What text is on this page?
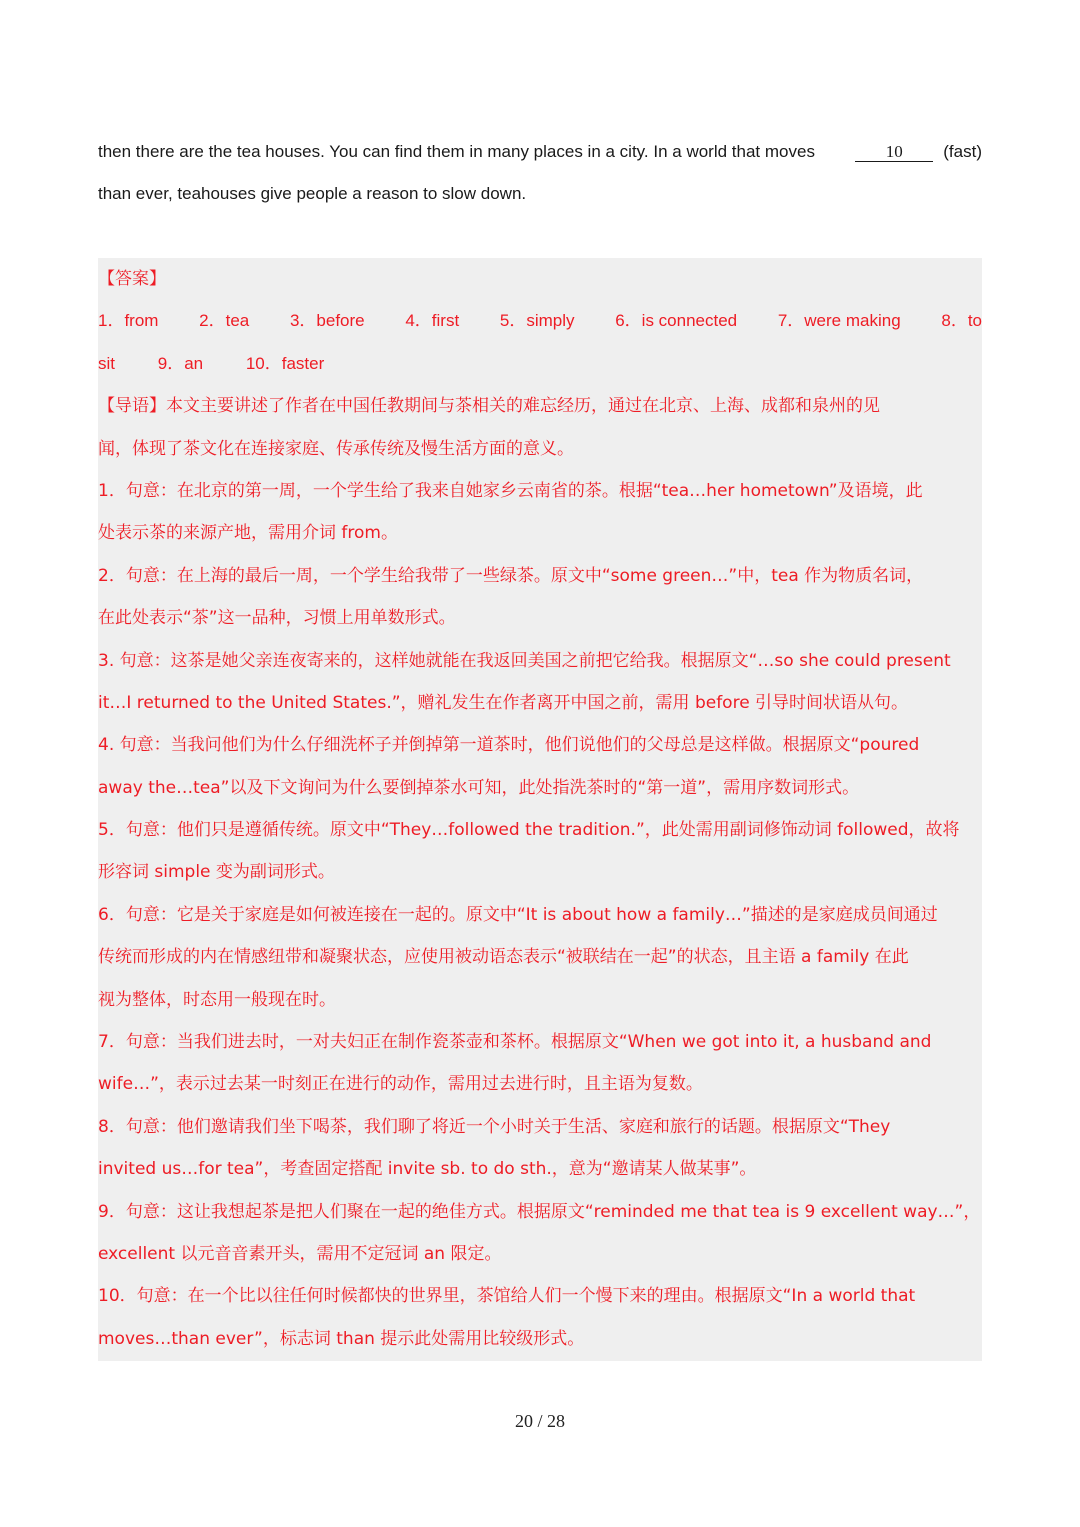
then there are the tea houses. You can find them in many places in a city. In a world that moves	10	(fast)
than ever, teahouses give people a reason to slow down.
【答案】
1．from 2．tea 3．before 4．first 5．simply 6．is connected 7．were making 8．to
sit	9．an	10．faster
【导语】本文主要讲述了作者在中国任教期间与茶相关的难忘经历，通过在北京、上海、成都和泉州的见
闻，体现了茶文化在连接家庭、传承传统及慢生活方面的意义。
1．句意：在北京的第一周，一个学生给了我来自她家乡云南省的茶。根据“tea…her hometown”及语境，此
处表示茶的来源产地，需用介词 from。
2．句意：在上海的最后一周，一个学生给我带了一些绿茶。原文中“some green…”中，tea 作为物质名词，
在此处表示“茶”这一品种，习惯上用单数形式。
3. 句意：这茶是她父亲连夜寄来的，这样她就能在我返回美国之前把它给我。根据原文“…so she could present
it…I returned to the United States.”，赠礼发生在作者离开中国之前，需用 before 引导时间状语从句。
4. 句意：当我问他们为什么仔细洗杯子并倒掉第一道茶时，他们说他们的父母总是这样做。根据原文“poured
away the…tea”以及下文询问为什么要倒掉茶水可知，此处指洗茶时的“第一道”，需用序数词形式。
5．句意：他们只是遵循传统。原文中“They…followed the tradition.”，此处需用副词修饰动词 followed，故将
形容词 simple 变为副词形式。
6．句意：它是关于家庭是如何被连接在一起的。原文中“It is about how a family…”描述的是家庭成员间通过
传统而形成的内在情感纽带和凝聚状态，应使用被动语态表示“被联结在一起”的状态，且主语 a family 在此
视为整体，时态用一般现在时。
7．句意：当我们进去时，一对夫妇正在制作瓷茶壶和茶杯。根据原文“When we got into it, a husband and
wife…”，表示过去某一时刻正在进行的动作，需用过去进行时，且主语为复数。
8．句意：他们邀请我们坐下喝茶，我们聊了将近一个小时关于生活、家庭和旅行的话题。根据原文“They
invited us…for tea”，考查固定搭配 invite sb. to do sth.，意为“邀请某人做某事”。
9．句意：这让我想起茶是把人们聚在一起的绝佳方式。根据原文“reminded me that tea is 9 excellent way…”，
excellent 以元音音素开头，需用不定冠词 an 限定。
10．句意：在一个比以往任何时候都快的世界里，茶馆给人们一个慢下来的理由。根据原文“In a world that
moves…than ever”，标志词 than 提示此处需用比较级形式。
20 / 28
